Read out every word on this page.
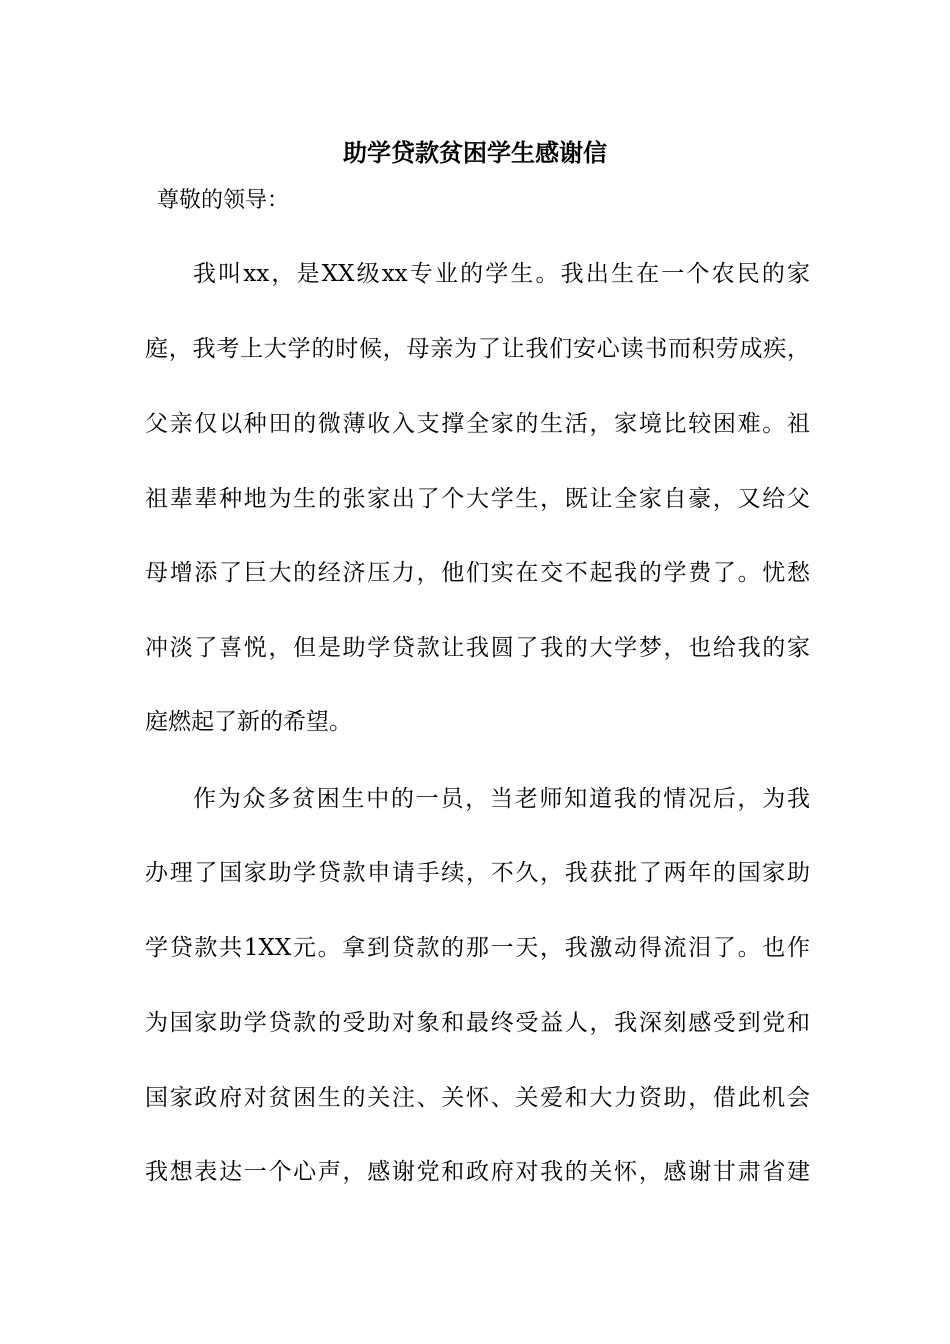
助学贷款贫困学生感谢信
尊敬的领导：
我叫xx，是XX级xx专业的学生。我出生在一个农民的家
庭，我考上大学的时候，母亲为了让我们安心读书而积劳成疾，
父亲仅以种田的微薄收入支撑全家的生活，家境比较困难。祖
祖辈辈种地为生的张家出了个大学生，既让全家自豪，又给父
母增添了巨大的经济压力，他们实在交不起我的学费了。忧愁
冲淡了喜悦，但是助学贷款让我圆了我的大学梦，也给我的家
庭燃起了新的希望。
作为众多贫困生中的一员，当老师知道我的情况后，为我
办理了国家助学贷款申请手续，不久，我获批了两年的国家助
学贷款共1XX元。拿到贷款的那一天，我激动得流泪了。也作
为国家助学贷款的受助对象和最终受益人，我深刻感受到党和
国家政府对贫困生的关注、关怀、关爱和大力资助，借此机会
我想表达一个心声，感谢党和政府对我的关怀，感谢甘肃省建
